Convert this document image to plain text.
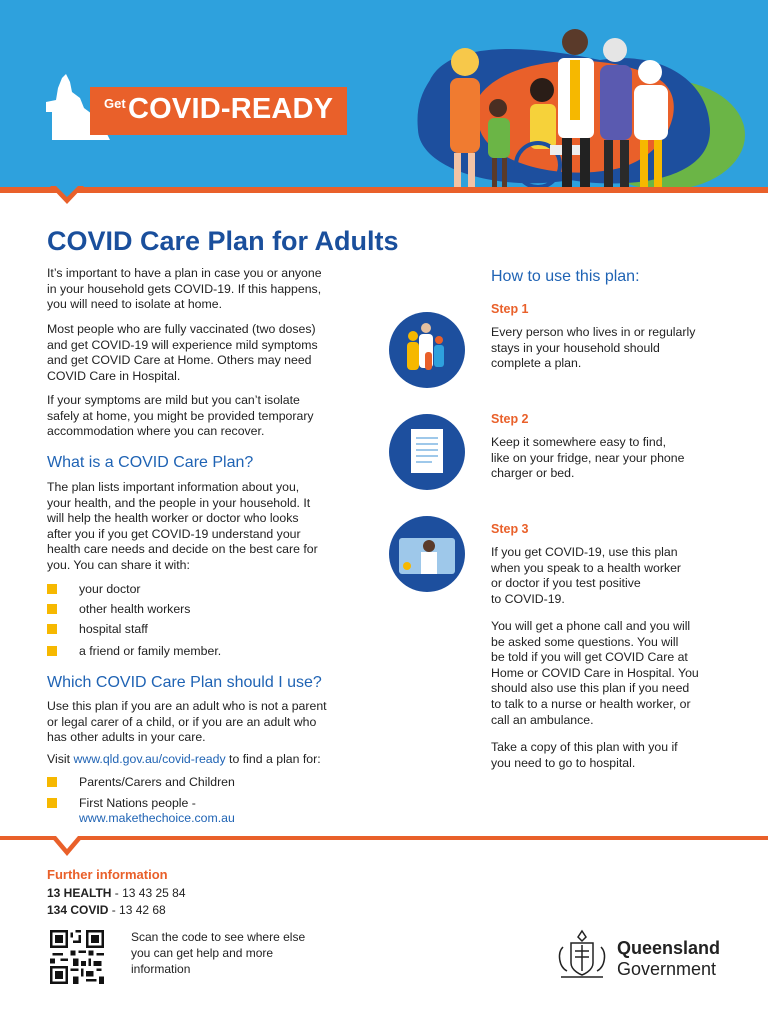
Get COVID-READY
COVID Care Plan for Adults

It’s important to have a plan in case you or anyone
in your household gets COVID-19. If this happens,
you will need to isolate at home.

Most people who are fully vaccinated (two doses)
and get COVID-19 will experience mild symptoms
and get COVID Care at Home. Others may need
COVID Care in Hospital.

If your symptoms are mild but you can’t isolate
safely at home, you might be provided temporary
accommodation where you can recover.

What is a COVID Care Plan?

The plan lists important information about you,
your health, and the people in your household. It
will help the health worker or doctor who looks
after you if you get COVID-19 understand your
health care needs and decide on the best care for
you. You can share it with:

your doctor
other health workers
hospital staff
a friend or family member.
Which COVID Care Plan should I use?

Use this plan if you are an adult who is not a parent
or legal carer of a child, or if you are an adult who
has other adults in your care.

Visit www.qld.gov.au/covid-ready to find a plan for:

Parents/Carers and Children
First Nations people -
www.makethechoice.com.au
How to use this plan:

Step 1

Every person who lives in or regularly
stays in your household should
complete a plan.

Step 2

Keep it somewhere easy to find,
like on your fridge, near your phone
charger or bed.

Step 3

If you get COVID-19, use this plan
when you speak to a health worker
or doctor if you test positive
to COVID-19.

You will get a phone call and you will
be asked some questions. You will
be told if you will get COVID Care at
Home or COVID Care in Hospital. You
should also use this plan if you need
to talk to a nurse or health worker, or
call an ambulance.

Take a copy of this plan with you if
you need to go to hospital.

Further information

13 HEALTH - 13 43 25 84

134 COVID - 13 42 68

Scan the code to see where else you can get help and more information

Queensland

Government
